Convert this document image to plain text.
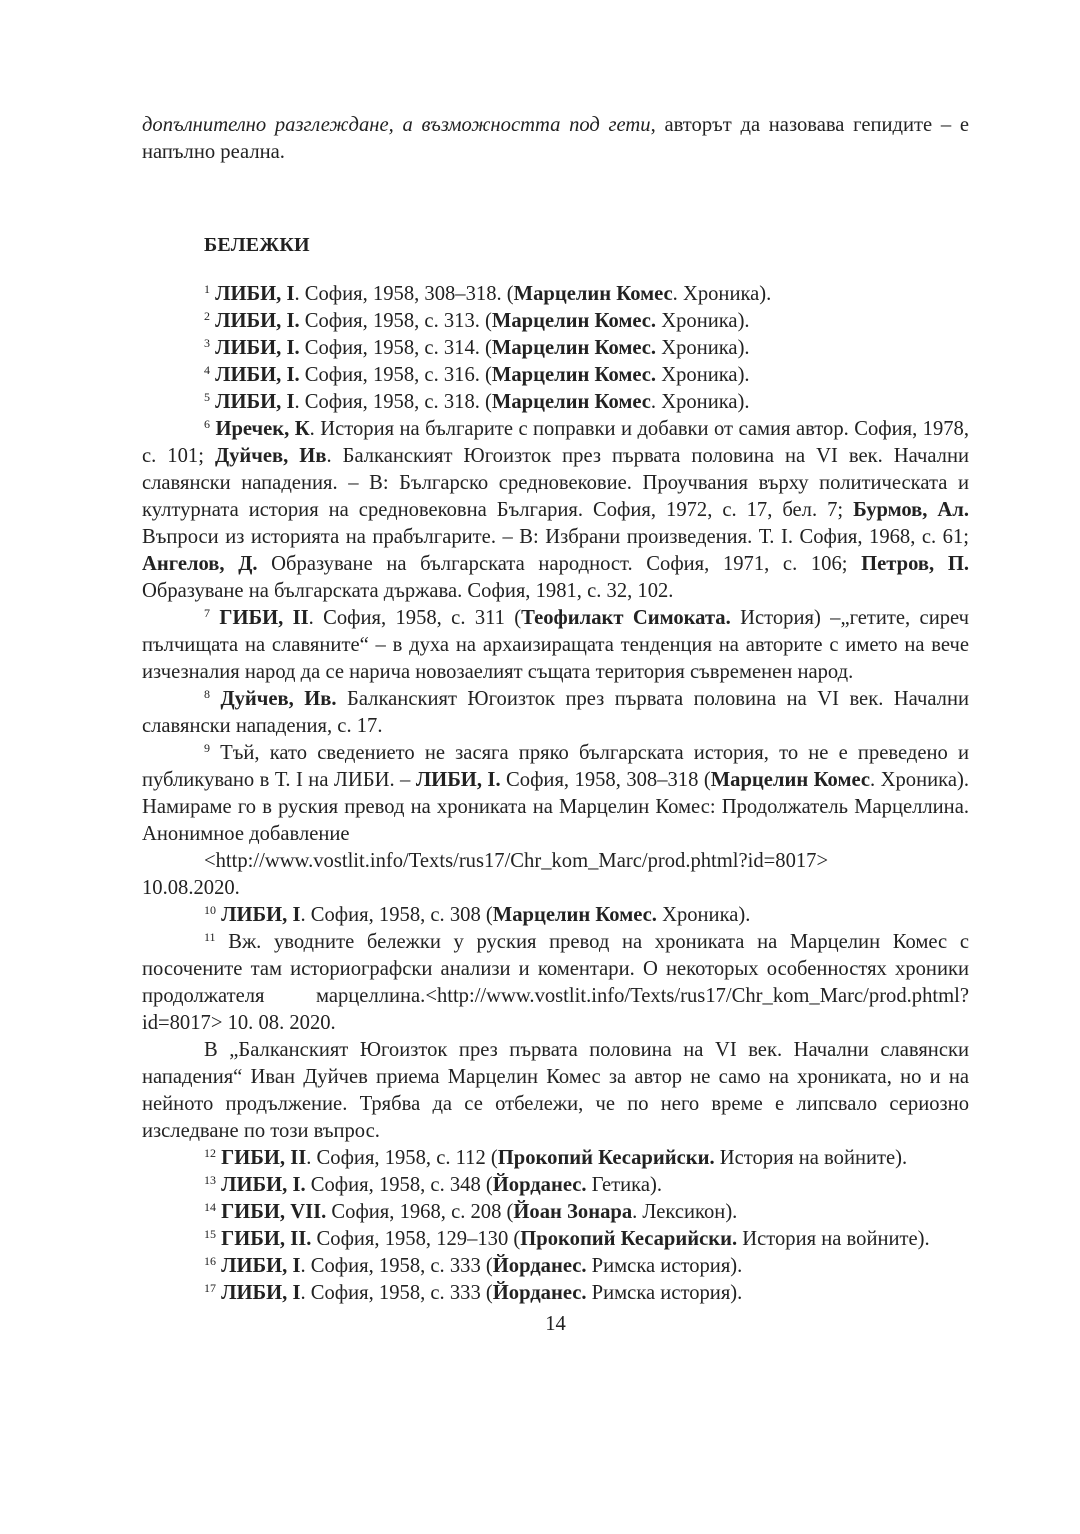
допълнително разглеждане, а възможността под гети, авторът да назовава гепидите – е напълно реална.

БЕЛЕЖКИ

$^1$ ЛИБИ, I. София, 1958, 308–318. (Марцелин Комес. Хроника).

$^2$ ЛИБИ, I. София, 1958, с. 313. (Марцелин Комес. Хроника).

$^3$ ЛИБИ, I. София, 1958, с. 314. (Марцелин Комес. Хроника).

$^4$ ЛИБИ, I. София, 1958, с. 316. (Марцелин Комес. Хроника).

$^5$ ЛИБИ, I. София, 1958, с. 318. (Марцелин Комес. Хроника).

$^6$ Иречек, К. История на българите с поправки и добавки от самия автор. София, 1978, с. 101; Дуйчев, Ив. Балканският Югоизток през първата половина на VI век. Начални славянски нападения. – В: Българско средновековие. Проучвания върху политическата и културната история на средновековна България. София, 1972, с. 17, бел. 7; Бурмов, Ал. Въпроси из историята на прабългарите. – В: Избрани произведения. Т. I. София, 1968, с. 61; Ангелов, Д. Образуване на българската народност. София, 1971, с. 106; Петров, П. Образуване на българската държава. София, 1981, с. 32, 102.

$^7$ ГИБИ, II. София, 1958, с. 311 (Теофилакт Симоката. История) –„гетите, сиреч пълчищата на славяните“ – в духа на архаизиращата тенденция на авторите с името на вече изчезналия народ да се нарича новозаелият същата територия съвременен народ.

$^8$ Дуйчев, Ив. Балканският Югоизток през първата половина на VI век. Начални славянски нападения, с. 17.

$^9$ Тъй, като сведението не засяга пряко българската история, то не е преведено и публикувано в Т. I на ЛИБИ. – ЛИБИ, I. София, 1958, 308–318 (Марцелин Комес. Хроника). Намираме го в руския превод на хрониката на Марцелин Комес: Продолжатель Марцеллина. Анонимное добавление

<http://www.vostlit.info/Texts/rus17/Chr_kom_Marc/prod.phtml?id=8017>

10.08.2020.

$^{10}$ ЛИБИ, I. София, 1958, с. 308 (Марцелин Комес. Хроника).

$^{11}$ Вж. уводните бележки у руския превод на хрониката на Марцелин Комес с посочените там историографски анализи и коментари. О некоторых особенностях хроники продолжателя марцеллина.<http://www.vostlit.info/Texts/rus17/Chr_kom_Marc/prod.phtml?id=8017> 10. 08. 2020.

В „Балканският Югоизток през първата половина на VI век. Начални славянски нападения“ Иван Дуйчев приема Марцелин Комес за автор не само на хрониката, но и на нейното продължение. Трябва да се отбележи, че по него време е липсвало сериозно изследване по този въпрос.

$^{12}$ ГИБИ, II. София, 1958, с. 112 (Прокопий Кесарийски. История на войните).

$^{13}$ ЛИБИ, I. София, 1958, с. 348 (Йорданес. Гетика).

$^{14}$ ГИБИ, VII. София, 1968, с. 208 (Йоан Зонара. Лексикон).

$^{15}$ ГИБИ, II. София, 1958, 129–130 (Прокопий Кесарийски. История на войните).

$^{16}$ ЛИБИ, I. София, 1958, с. 333 (Йорданес. Римска история).

$^{17}$ ЛИБИ, I. София, 1958, с. 333 (Йорданес. Римска история).

14
